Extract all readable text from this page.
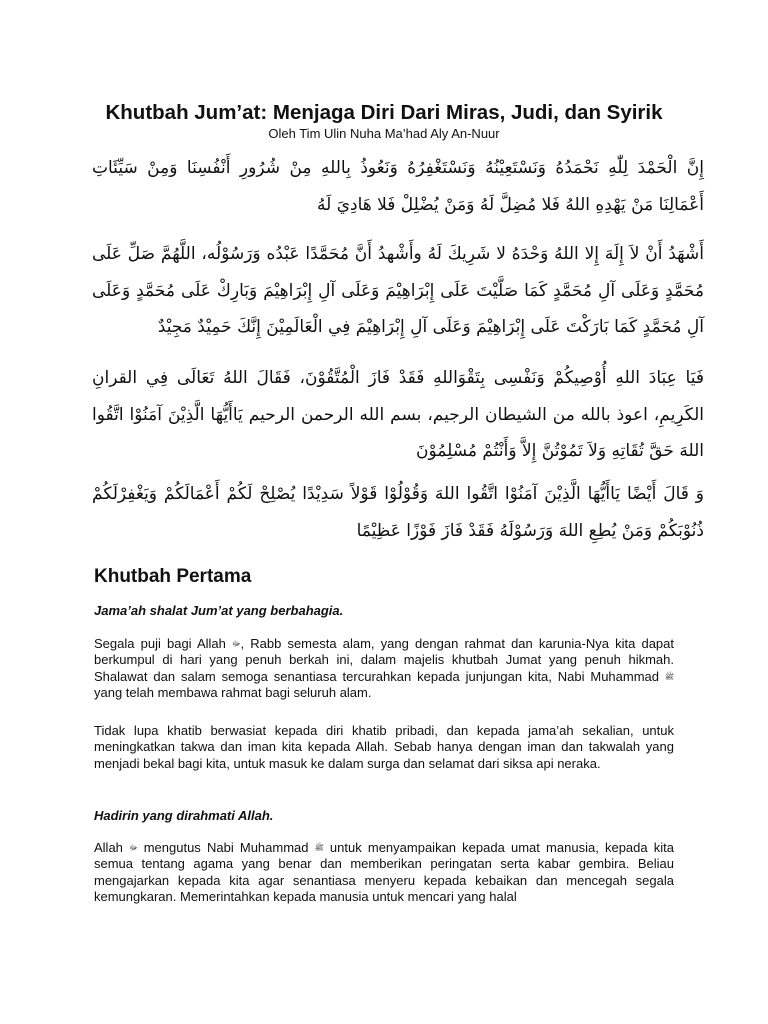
Khutbah Jum’at: Menjaga Diri Dari Miras, Judi, dan Syirik
Oleh Tim Ulin Nuha Ma’had Aly An-Nuur
إِنَّ الْحَمْدَ لِلّٰهِ نَحْمَدُهُ وَنَسْتَعِيْنُهُ وَنَسْتَغْفِرُهُ وَنَعُوذُ بِاللهِ مِنْ شُرُورِ أَنْفُسِنَا وَمِنْ سَيِّئَاتِ أَعْمَالِنَا مَنْ يَهْدِهِ اللهُ فَلا مُضِلَّ لَهُ وَمَنْ يُضْلِلْ فَلا هَادِيَ لَهُ
أَشْهَدُ أَنْ لاَ إِلَهَ إِلا اللهُ وَحْدَهُ لا شَرِيكَ لَهُ وأَشْهدُ أَنَّ مُحَمَّدًا عَبْدُه وَرَسُوْلُه، اللَّهُمَّ صَلِّ عَلَى مُحَمَّدٍ وَعَلَى آلِ مُحَمَّدٍ كَمَا صَلَّيْتَ عَلَى إِبْرَاهِيْمَ وَعَلَى آلِ إِبْرَاهِيْمَ وَبَارِكْ عَلَى مُحَمَّدٍ وَعَلَى آلِ مُحَمَّدٍ كَمَا بَارَكْتَ عَلَى إِبْرَاهِيْمَ وَعَلَى آلِ إِبْرَاهِيْمَ فِي الْعَالَمِيْنَ إِنَّكَ حَمِيْدٌ مَجِيْدٌ
فَيَا عِبَادَ اللهِ أُوْصِيكُمْ وَنَفْسِى بِتَقْوَاللهِ فَقَدْ فَازَ الْمُتَّقُوْنَ، فَقَالَ اللهُ تَعَالَى فِي القرانِ الكَرِيمِ، اعوذ بالله من الشيطان الرجيم، بسم الله الرحمن الرحيم يَاأَيُّهَا الَّذِيْنَ آمَنُوْا اتَّقُوا اللهَ حَقَّ تُقَاتِهِ وَلاَ تَمُوْتُنَّ إِلاَّ وَأَنْتُمْ مُسْلِمُوْنَ
وَ قَالَ أَيْضًا يَاأَيُّهَا الَّذِيْنَ آمَنُوْا اتَّقُوا اللهَ وَقُوْلُوْا قَوْلاً سَدِيْدًا يُصْلِحْ لَكُمْ أَعْمَالَكُمْ وَيَغْفِرْلَكُمْ ذُنُوْبَكُمْ وَمَنْ يُطِعِ اللهَ وَرَسُوْلَهُ فَقَدْ فَازَ فَوْزًا عَظِيْمًا
Khutbah Pertama
Jama’ah shalat Jum’at yang berbahagia.
Segala puji bagi Allah ﷻ, Rabb semesta alam, yang dengan rahmat dan karunia-Nya kita dapat berkumpul di hari yang penuh berkah ini, dalam majelis khutbah Jumat yang penuh hikmah. Shalawat dan salam semoga senantiasa tercurahkan kepada junjungan kita, Nabi Muhammad ﷺ yang telah membawa rahmat bagi seluruh alam.
Tidak lupa khatib berwasiat kepada diri khatib pribadi, dan kepada jama’ah sekalian, untuk meningkatkan takwa dan iman kita kepada Allah. Sebab hanya dengan iman dan takwalah yang menjadi bekal bagi kita, untuk masuk ke dalam surga dan selamat dari siksa api neraka.
Hadirin yang dirahmati Allah.
Allah ﷻ mengutus Nabi Muhammad ﷺ untuk menyampaikan kepada umat manusia, kepada kita semua tentang agama yang benar dan memberikan peringatan serta kabar gembira. Beliau mengajarkan kepada kita agar senantiasa menyeru kepada kebaikan dan mencegah segala kemungkaran. Memerintahkan kepada manusia untuk mencari yang halal
